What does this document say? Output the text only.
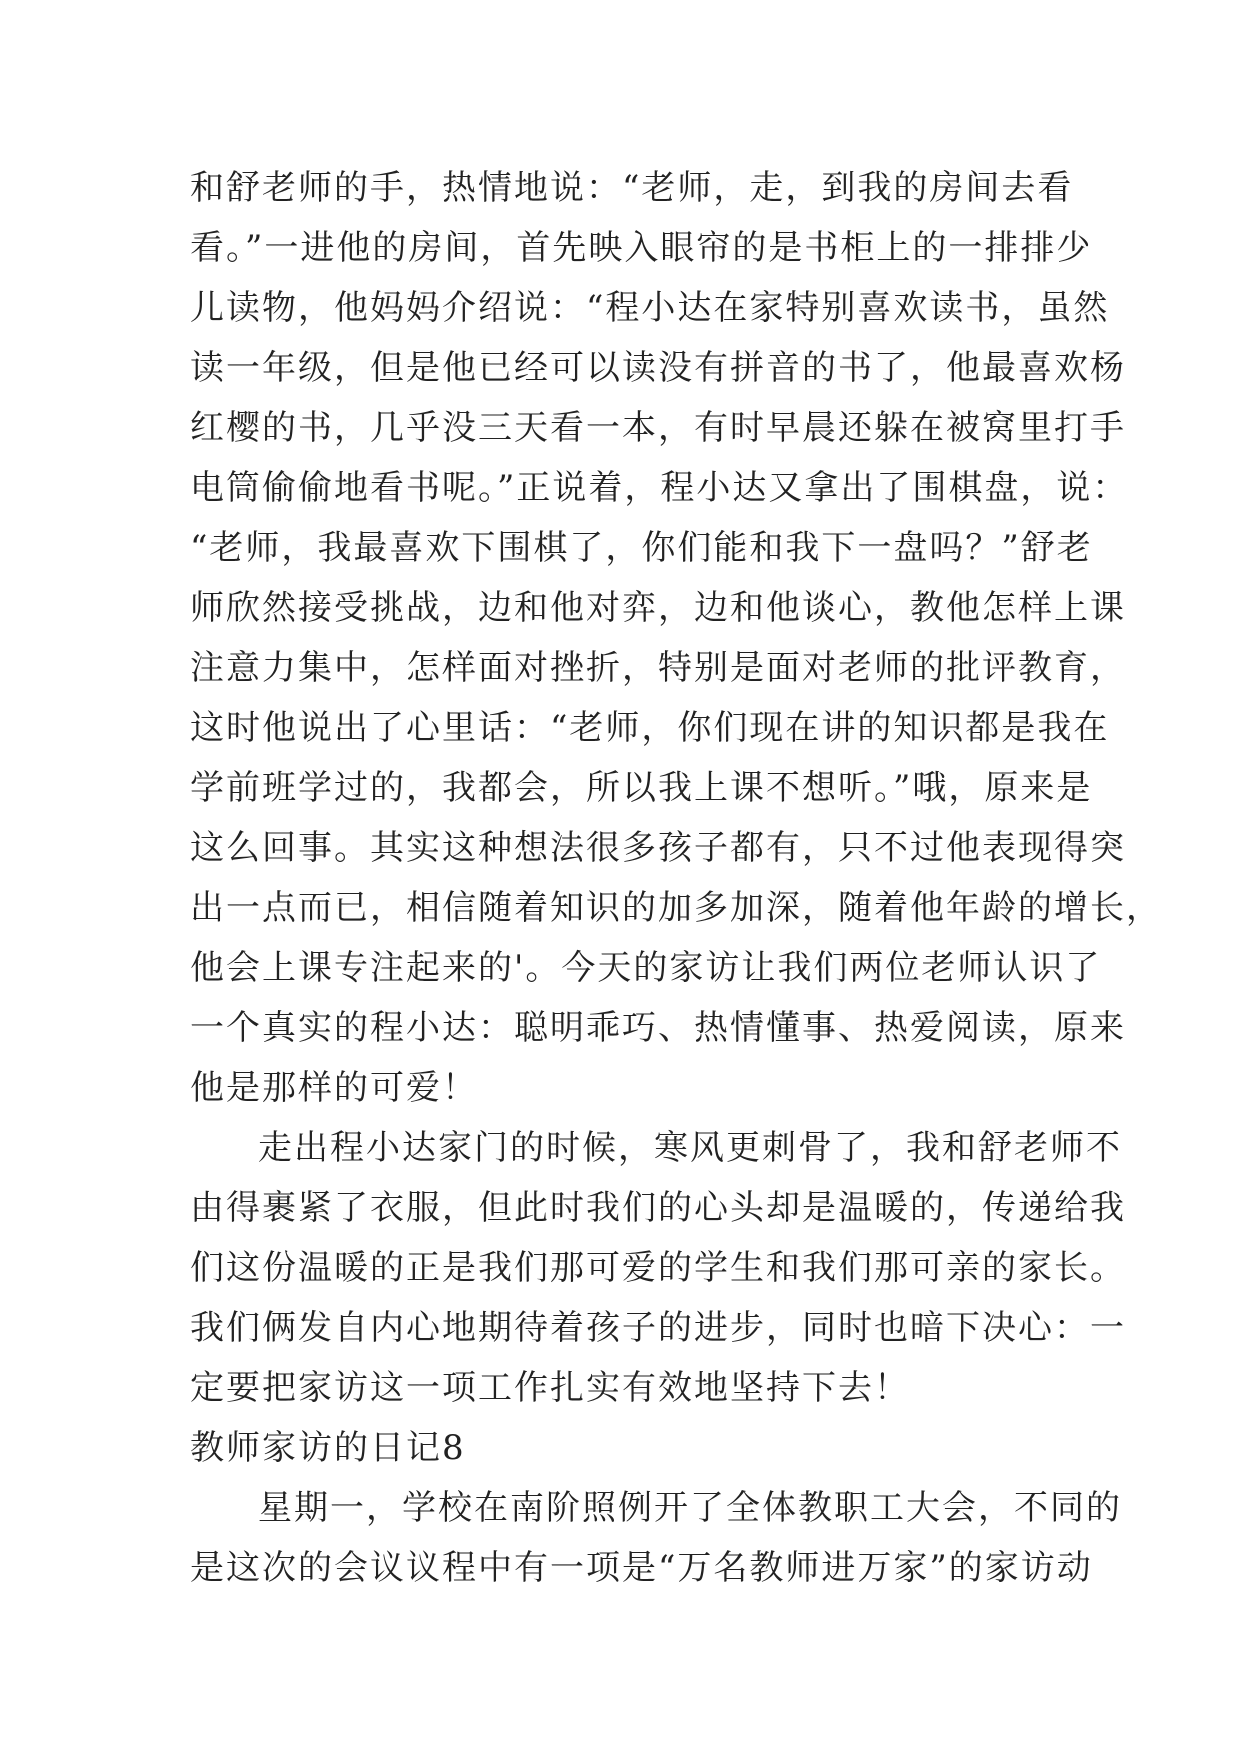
和舒老师的手，热情地说：“老师，走，到我的房间去看
看。”一进他的房间，首先映入眼帘的是书柜上的一排排少
儿读物，他妈妈介绍说：“程小达在家特别喜欢读书，虽然
读一年级，但是他已经可以读没有拼音的书了，他最喜欢杨
红樱的书，几乎没三天看一本，有时早晨还躲在被窝里打手
电筒偷偷地看书呢。”正说着，程小达又拿出了围棋盘，说：
“老师，我最喜欢下围棋了，你们能和我下一盘吗？”舒老
师欣然接受挑战，边和他对弈，边和他谈心，教他怎样上课
注意力集中，怎样面对挫折，特别是面对老师的批评教育，
这时他说出了心里话：“老师，你们现在讲的知识都是我在
学前班学过的，我都会，所以我上课不想听。”哦，原来是
这么回事。其实这种想法很多孩子都有，只不过他表现得突
出一点而已，相信随着知识的加多加深，随着他年龄的增长，
他会上课专注起来的'。今天的家访让我们两位老师认识了
一个真实的程小达：聪明乖巧、热情懂事、热爱阅读，原来
他是那样的可爱！
走出程小达家门的时候，寒风更刺骨了，我和舒老师不
由得裹紧了衣服，但此时我们的心头却是温暖的，传递给我
们这份温暖的正是我们那可爱的学生和我们那可亲的家长。
我们俩发自内心地期待着孩子的进步，同时也暗下决心：一
定要把家访这一项工作扎实有效地坚持下去！
教师家访的日记8
星期一，学校在南阶照例开了全体教职工大会，不同的
是这次的会议议程中有一项是“万名教师进万家”的家访动
